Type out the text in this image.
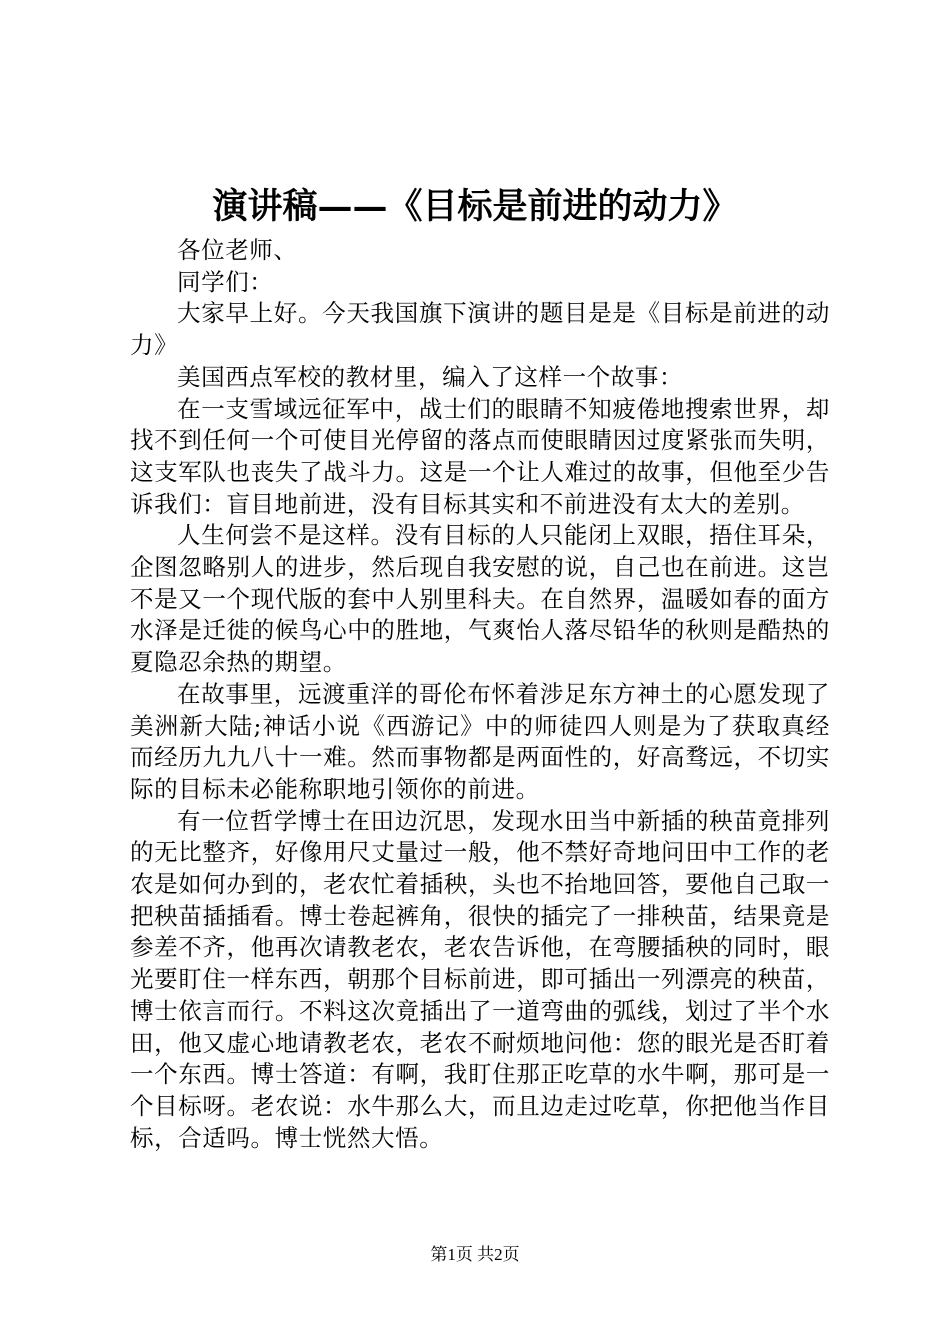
演讲稿——《目标是前进的动力》

各位老师、

同学们：

大家早上好。今天我国旗下演讲的题目是是《目标是前进的动力》

美国西点军校的教材里，编入了这样一个故事：

在一支雪域远征军中，战士们的眼睛不知疲倦地搜索世界，却找不到任何一个可使目光停留的落点而使眼睛因过度紧张而失明，这支军队也丧失了战斗力。这是一个让人难过的故事，但他至少告诉我们：盲目地前进，没有目标其实和不前进没有太大的差别。

人生何尝不是这样。没有目标的人只能闭上双眼，捂住耳朵，企图忽略别人的进步，然后现自我安慰的说，自己也在前进。这岂不是又一个现代版的套中人别里科夫。在自然界，温暖如春的面方水泽是迁徙的候鸟心中的胜地，气爽怡人落尽铅华的秋则是酷热的夏隐忍余热的期望。

在故事里，远渡重洋的哥伦布怀着涉足东方神土的心愿发现了美洲新大陆;神话小说《西游记》中的师徒四人则是为了获取真经而经历九九八十一难。然而事物都是两面性的，好高骛远，不切实际的目标未必能称职地引领你的前进。

有一位哲学博士在田边沉思，发现水田当中新插的秧苗竟排列的无比整齐，好像用尺丈量过一般，他不禁好奇地问田中工作的老农是如何办到的，老农忙着插秧，头也不抬地回答，要他自己取一把秧苗插插看。博士卷起裤角，很快的插完了一排秧苗，结果竟是参差不齐，他再次请教老农，老农告诉他，在弯腰插秧的同时，眼光要盯住一样东西，朝那个目标前进，即可插出一列漂亮的秧苗，博士依言而行。不料这次竟插出了一道弯曲的弧线，划过了半个水田，他又虚心地请教老农，老农不耐烦地问他：您的眼光是否盯着一个东西。博士答道：有啊，我盯住那正吃草的水牛啊，那可是一个目标呀。老农说：水牛那么大，而且边走过吃草，你把他当作目标，合适吗。博士恍然大悟。

第1页 共2页
